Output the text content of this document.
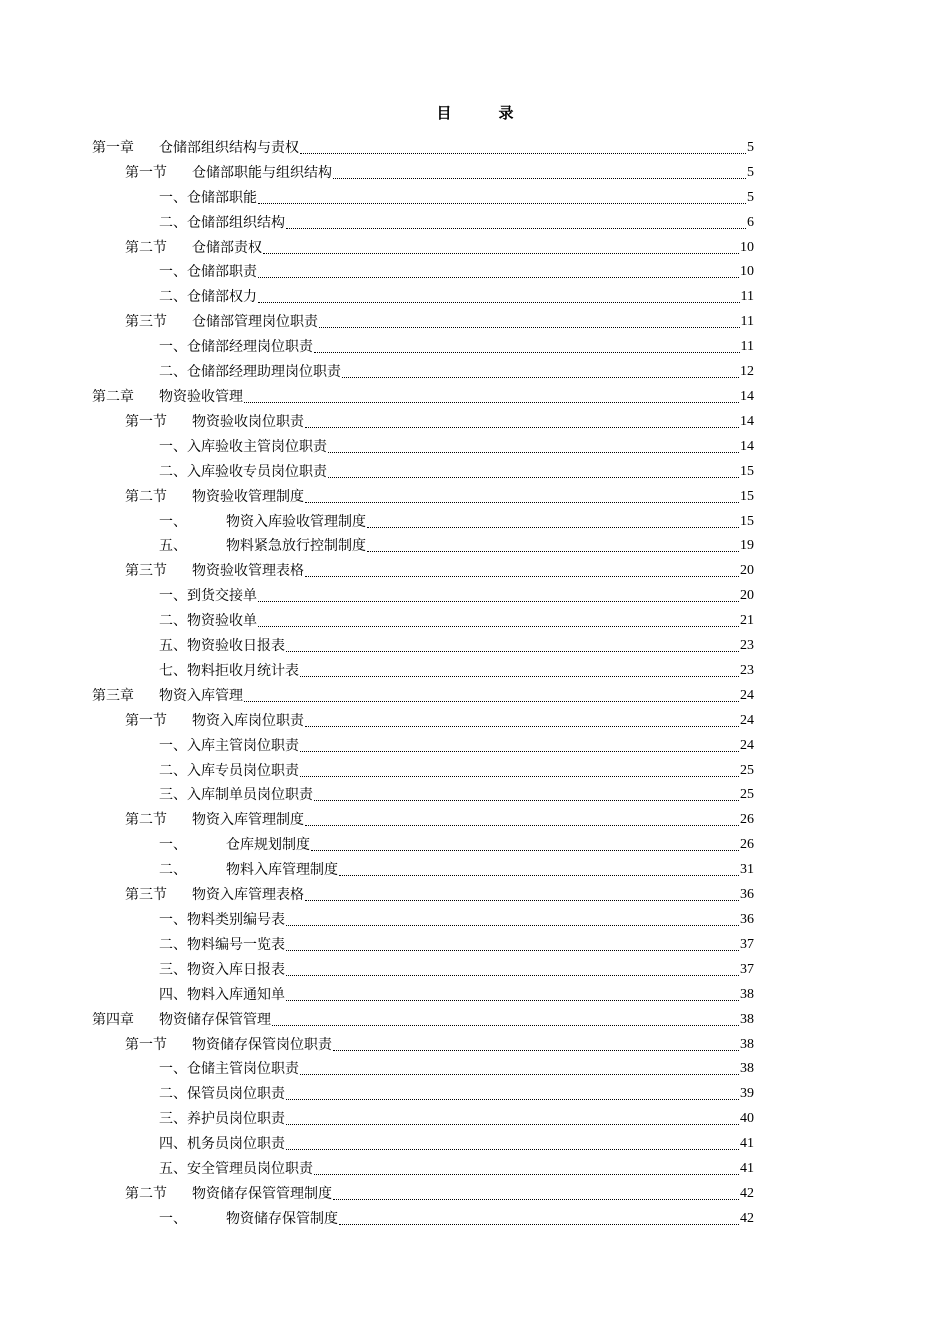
目　录
第一章	仓储部组织结构与责权	5
第一节	仓储部职能与组织结构	5
一、 仓储部职能	5
二、 仓储部组织结构	6
第二节	仓储部责权	10
一、 仓储部职责	10
二、 仓储部权力	11
第三节	仓储部管理岗位职责	11
一、 仓储部经理岗位职责	11
二、 仓储部经理助理岗位职责	12
第二章	物资验收管理	14
第一节	物资验收岗位职责	14
一、 入库验收主管岗位职责	14
二、 入库验收专员岗位职责	15
第二节	物资验收管理制度	15
一、	物资入库验收管理制度	15
五、	物料紧急放行控制制度	19
第三节	物资验收管理表格	20
一、 到货交接单	20
二、 物资验收单	21
五、 物资验收日报表	23
七、 物料拒收月统计表	23
第三章	物资入库管理	24
第一节	物资入库岗位职责	24
一、 入库主管岗位职责	24
二、 入库专员岗位职责	25
三、 入库制单员岗位职责	25
第二节	物资入库管理制度	26
一、	仓库规划制度	26
二、	物料入库管理制度	31
第三节	物资入库管理表格	36
一、 物料类别编号表	36
二、 物料编号一览表	37
三、 物资入库日报表	37
四、 物料入库通知单	38
第四章	物资储存保管管理	38
第一节	物资储存保管岗位职责	38
一、 仓储主管岗位职责	38
二、 保管员岗位职责	39
三、 养护员岗位职责	40
四、 机务员岗位职责	41
五、 安全管理员岗位职责	41
第二节	物资储存保管管理制度	42
一、	物资储存保管制度	42
